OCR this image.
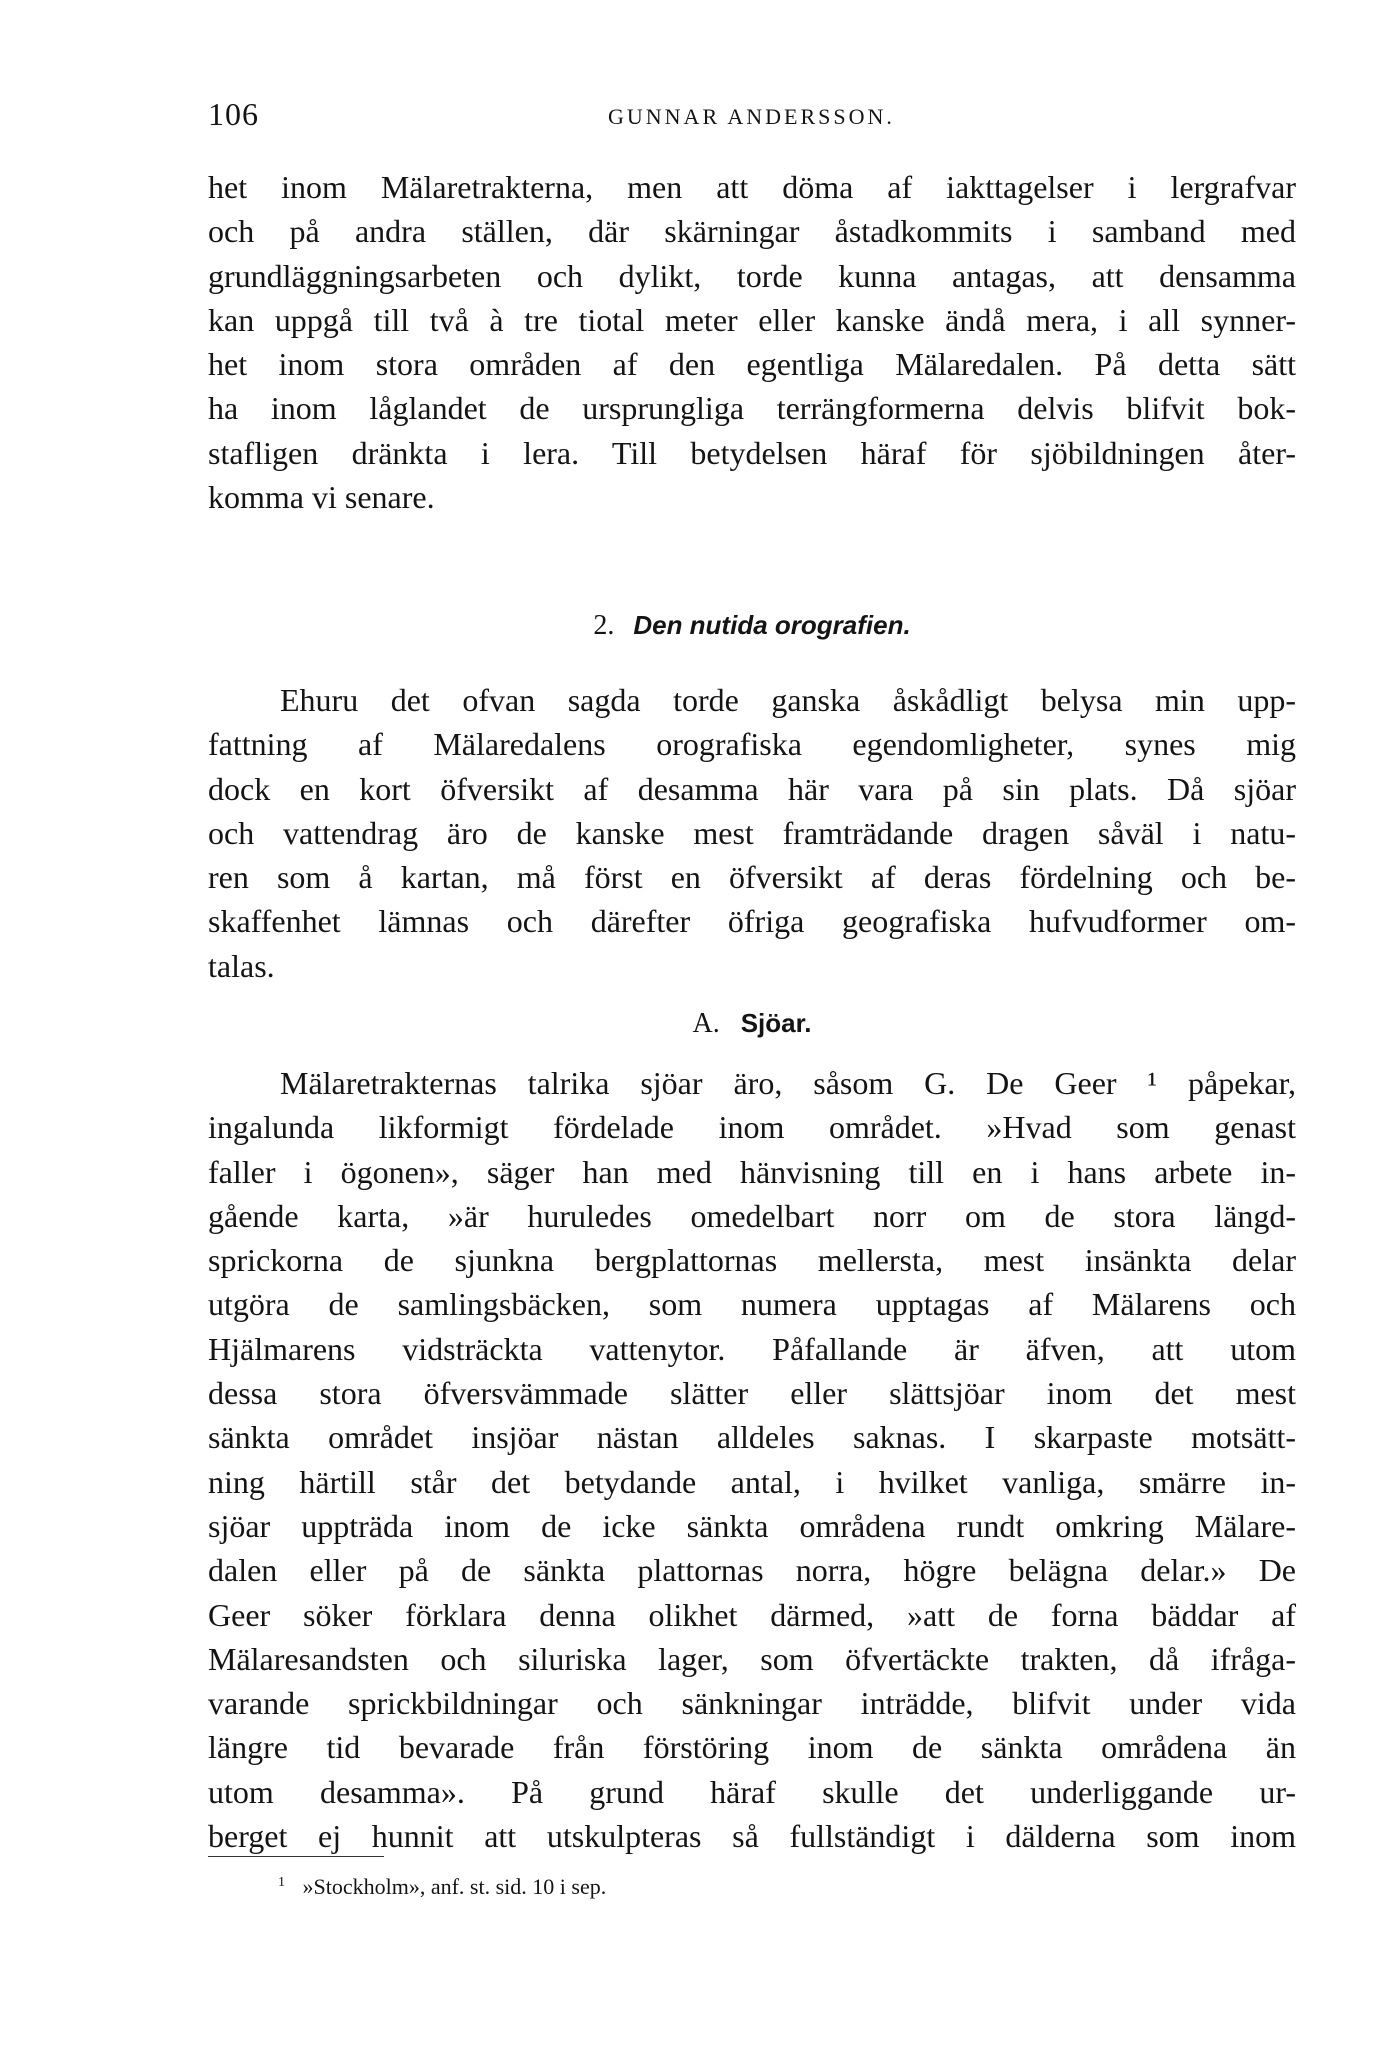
106	GUNNAR ANDERSSON.
het inom Mälaretrakterna, men att döma af iakttagelser i lergrafvar
och på andra ställen, där skärningar åstadkommits i samband med
grundläggningsarbeten och dylikt, torde kunna antagas, att densamma
kan uppgå till två à tre tiotal meter eller kanske ändå mera, i all synner-
het inom stora områden af den egentliga Mälaredalen. På detta sätt
ha inom låglandet de ursprungliga terrängformerna delvis blifvit bok-
stafligen dränkta i lera. Till betydelsen häraf för sjöbildningen åter-
komma vi senare.
2. Den nutida orografien.
Ehuru det ofvan sagda torde ganska åskådligt belysa min upp-
fattning af Mälaredalens orografiska egendomligheter, synes mig
dock en kort öfversikt af desamma här vara på sin plats. Då sjöar
och vattendrag äro de kanske mest framträdande dragen såväl i natu-
ren som å kartan, må först en öfversikt af deras fördelning och be-
skaffenhet lämnas och därefter öfriga geografiska hufvudformer om-
talas.
A. Sjöar.
Mälaretrakternas talrika sjöar äro, såsom G. De Geer ¹ påpekar,
ingalunda likformigt fördelade inom området. »Hvad som genast
faller i ögonen», säger han med hänvisning till en i hans arbete in-
gående karta, »är huruledes omedelbart norr om de stora längd-
sprickorna de sjunkna bergplattornas mellersta, mest insänkta delar
utgöra de samlingsbäcken, som numera upptagas af Mälarens och
Hjälmarens vidsträckta vattenytor. Påfallande är äfven, att utom
dessa stora öfversvämmade slätter eller slättsjöar inom det mest
sänkta området insjöar nästan alldeles saknas. I skarpaste motsätt-
ning härtill står det betydande antal, i hvilket vanliga, smärre in-
sjöar uppträda inom de icke sänkta områdena rundt omkring Mälare-
dalen eller på de sänkta plattornas norra, högre belägna delar.» De
Geer söker förklara denna olikhet därmed, »att de forna bäddar af
Mälaresandsten och siluriska lager, som öfvertäckte trakten, då ifråga-
varande sprickbildningar och sänkningar inträdde, blifvit under vida
längre tid bevarade från förstöring inom de sänkta områdena än
utom desamma». På grund häraf skulle det underliggande ur-
berget ej hunnit att utskulpteras så fullständigt i dälderna som inom
$^1$ »Stockholm», anf. st. sid. 10 i sep.
